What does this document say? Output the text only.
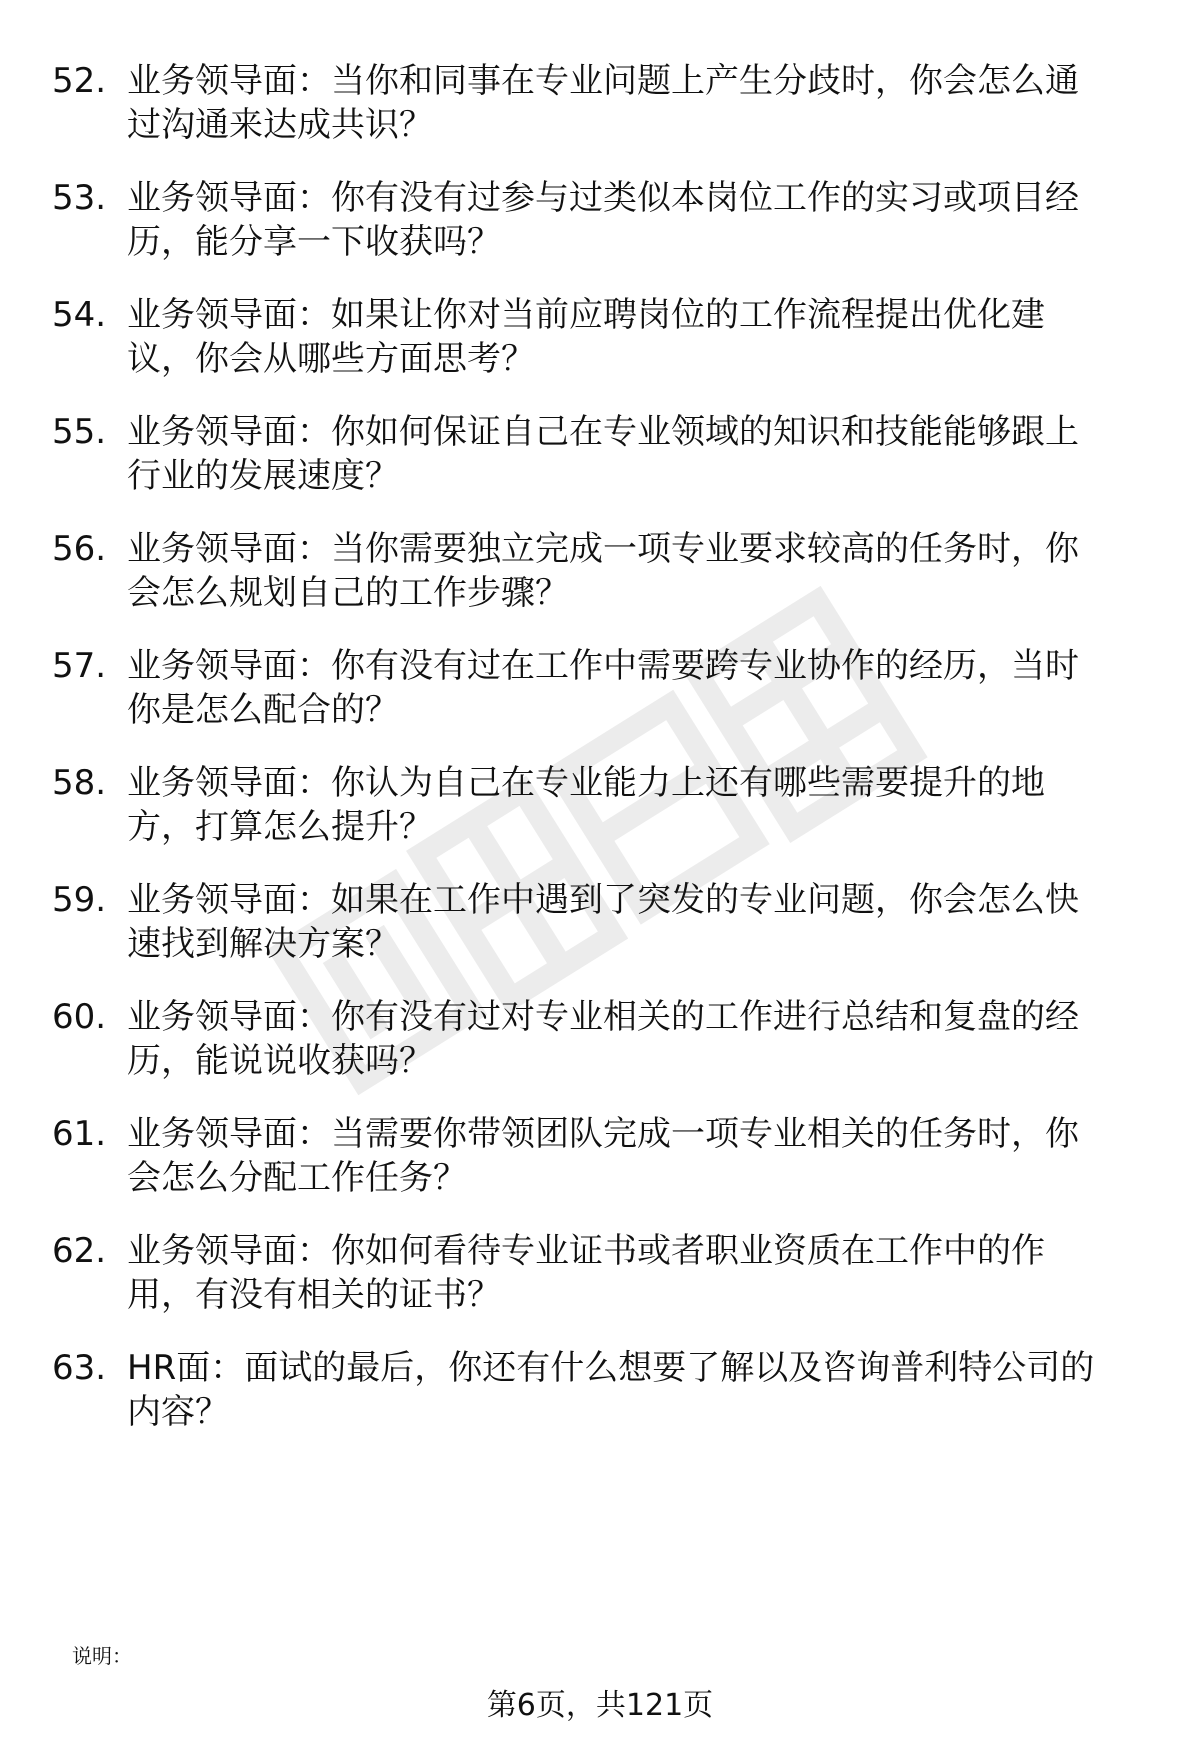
52. 业务领导面：当你和同事在专业问题上产生分歧时，你会怎么通
过沟通来达成共识？
53. 业务领导面：你有没有过参与过类似本岗位工作的实习或项目经
历，能分享一下收获吗？
54. 业务领导面：如果让你对当前应聘岗位的工作流程提出优化建
议，你会从哪些方面思考？
55. 业务领导面：你如何保证自己在专业领域的知识和技能能够跟上
行业的发展速度？
56. 业务领导面：当你需要独立完成一项专业要求较高的任务时，你
会怎么规划自己的工作步骤？
57. 业务领导面：你有没有过在工作中需要跨专业协作的经历，当时
你是怎么配合的？
58. 业务领导面：你认为自己在专业能力上还有哪些需要提升的地
方，打算怎么提升？
59. 业务领导面：如果在工作中遇到了突发的专业问题，你会怎么快
速找到解决方案？
60. 业务领导面：你有没有过对专业相关的工作进行总结和复盘的经
历，能说说收获吗？
61. 业务领导面：当需要你带领团队完成一项专业相关的任务时，你
会怎么分配工作任务？
62. 业务领导面：你如何看待专业证书或者职业资质在工作中的作
用，有没有相关的证书？
63. HR面：面试的最后，你还有什么想要了解以及咨询普利特公司的
内容？
说明：
第6页，共121页
